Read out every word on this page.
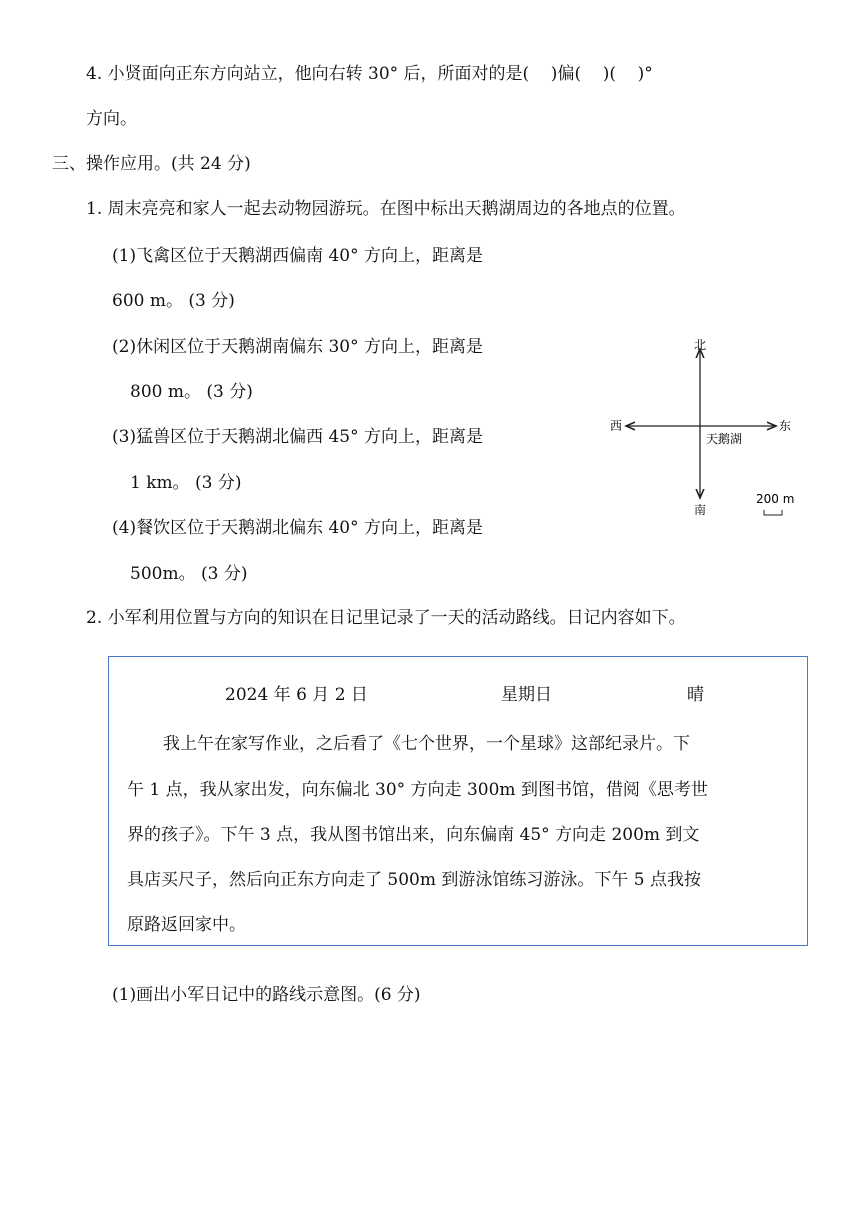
4. 小贤面向正东方向站立，他向右转 30° 后，所面对的是(    )偏(    )(    )°
方向。
三、操作应用。(共 24 分)
1. 周末亮亮和家人一起去动物园游玩。在图中标出天鹅湖周边的各地点的位置。
(1)飞禽区位于天鹅湖西偏南 40° 方向上，距离是
600 m。 (3 分)
(2)休闲区位于天鹅湖南偏东 30° 方向上，距离是
800 m。 (3 分)
(3)猛兽区位于天鹅湖北偏西 45° 方向上，距离是
1 km。 (3 分)
(4)餐饮区位于天鹅湖北偏东 40° 方向上，距离是
500m。 (3 分)
北
南
西	东
天鹅湖
200 m
2. 小军利用位置与方向的知识在日记里记录了一天的活动路线。日记内容如下。
2024 年 6 月 2 日	星期日	晴
我上午在家写作业，之后看了《七个世界，一个星球》这部纪录片。下
午 1 点，我从家出发，向东偏北 30° 方向走 300m 到图书馆，借阅《思考世
界的孩子》。下午 3 点，我从图书馆出来，向东偏南 45° 方向走 200m 到文
具店买尺子，然后向正东方向走了 500m 到游泳馆练习游泳。下午 5 点我按
原路返回家中。
(1)画出小军日记中的路线示意图。(6 分)
